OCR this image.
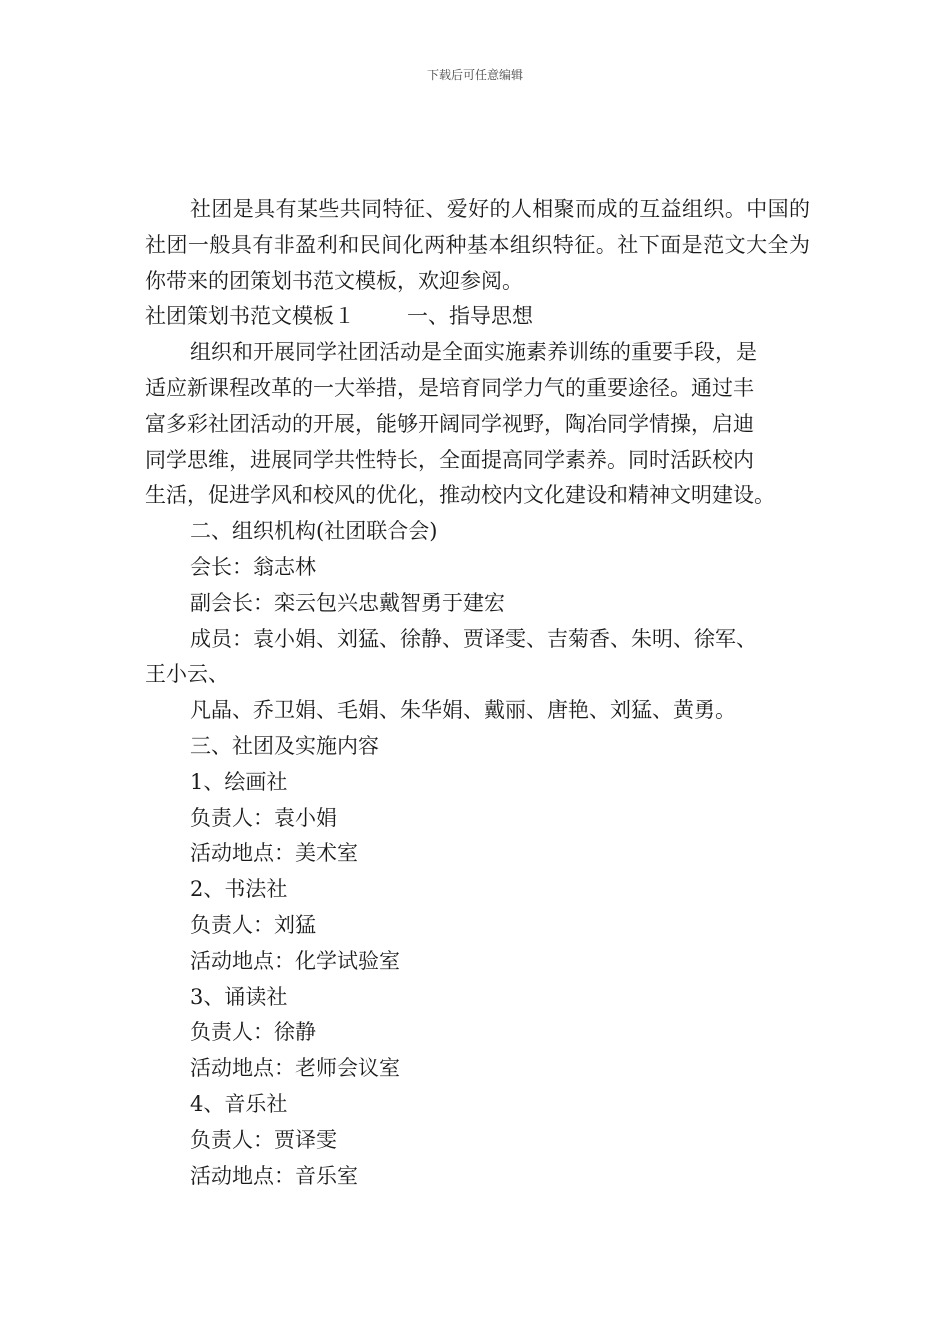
下载后可任意编辑

社团是具有某些共同特征、爱好的人相聚而成的互益组织。中国的社团一般具有非盈利和民间化两种基本组织特征。社下面是范文大全为你带来的团策划书范文模板，欢迎参阅。

社团策划书范文模板１ 一、指导思想

组织和开展同学社团活动是全面实施素养训练的重要手段，是

适应新课程改革的一大举措，是培育同学力气的重要途径。通过丰

富多彩社团活动的开展，能够开阔同学视野，陶冶同学情操，启迪

同学思维，进展同学共性特长，全面提高同学素养。同时活跃校内

生活，促进学风和校风的优化，推动校内文化建设和精神文明建设。

二、组织机构(社团联合会)

会长：翁志林

副会长：栾云包兴忠戴智勇于建宏

成员：袁小娟、刘猛、徐静、贾译雯、吉菊香、朱明、徐军、

王小云、

凡晶、乔卫娟、毛娟、朱华娟、戴丽、唐艳、刘猛、黄勇。

三、社团及实施内容

1、绘画社

负责人：袁小娟

活动地点：美术室

2、书法社

负责人：刘猛

活动地点：化学试验室

3、诵读社

负责人：徐静

活动地点：老师会议室

4、音乐社

负责人：贾译雯

活动地点：音乐室
